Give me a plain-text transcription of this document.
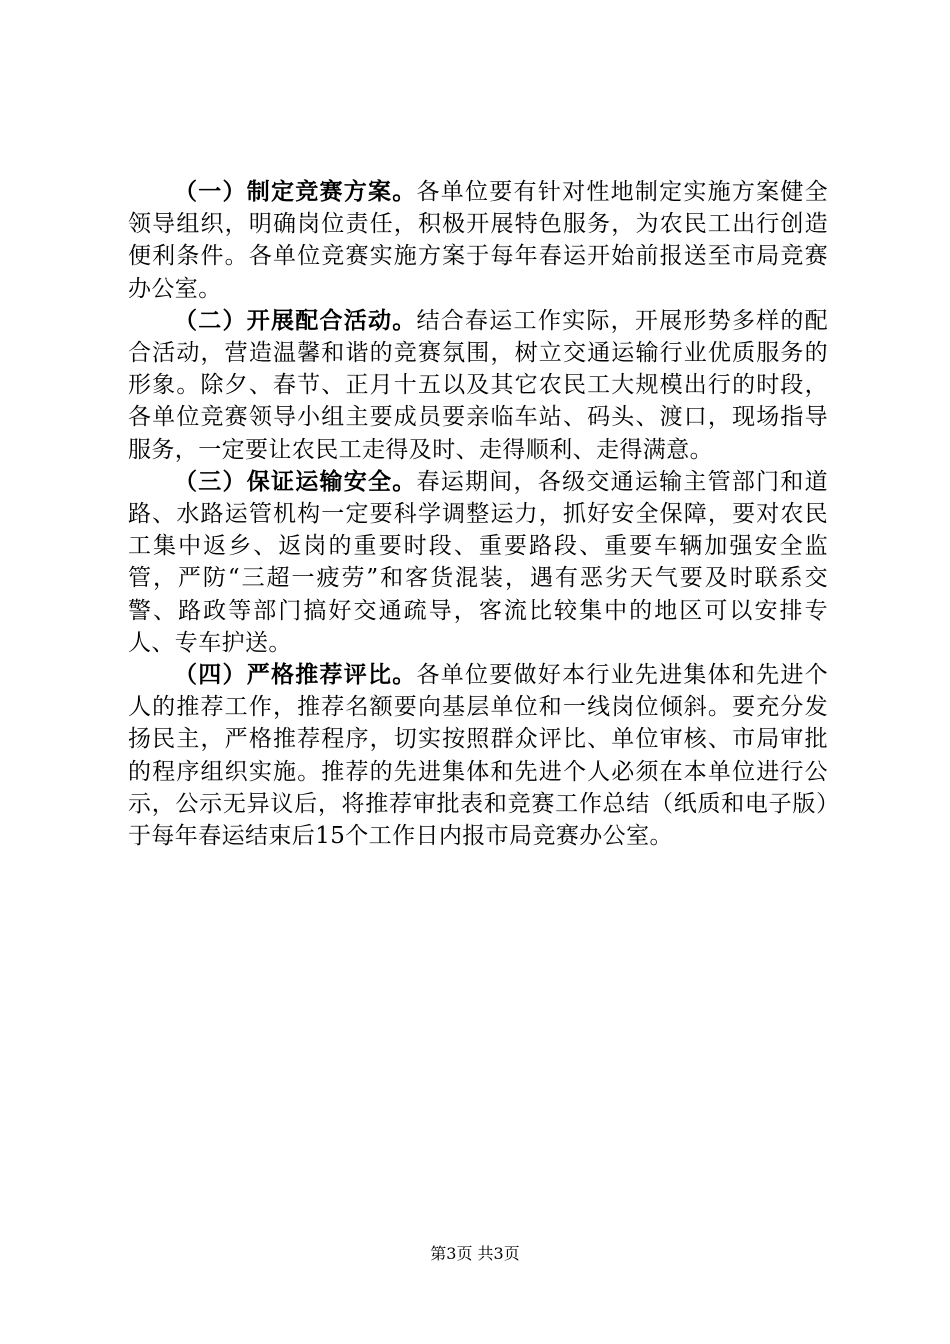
（一）制定竞赛方案。各单位要有针对性地制定实施方案健全领导组织，明确岗位责任，积极开展特色服务，为农民工出行创造便利条件。各单位竞赛实施方案于每年春运开始前报送至市局竞赛办公室。

（二）开展配合活动。结合春运工作实际，开展形势多样的配合活动，营造温馨和谐的竞赛氛围，树立交通运输行业优质服务的形象。除夕、春节、正月十五以及其它农民工大规模出行的时段，各单位竞赛领导小组主要成员要亲临车站、码头、渡口，现场指导服务，一定要让农民工走得及时、走得顺利、走得满意。

（三）保证运输安全。春运期间，各级交通运输主管部门和道路、水路运管机构一定要科学调整运力，抓好安全保障，要对农民工集中返乡、返岗的重要时段、重要路段、重要车辆加强安全监管，严防“三超一疲劳”和客货混装，遇有恶劣天气要及时联系交警、路政等部门搞好交通疏导，客流比较集中的地区可以安排专人、专车护送。

（四）严格推荐评比。各单位要做好本行业先进集体和先进个人的推荐工作，推荐名额要向基层单位和一线岗位倾斜。要充分发扬民主，严格推荐程序，切实按照群众评比、单位审核、市局审批的程序组织实施。推荐的先进集体和先进个人必须在本单位进行公示，公示无异议后，将推荐审批表和竞赛工作总结（纸质和电子版）于每年春运结束后15个工作日内报市局竞赛办公室。

第3页 共3页
